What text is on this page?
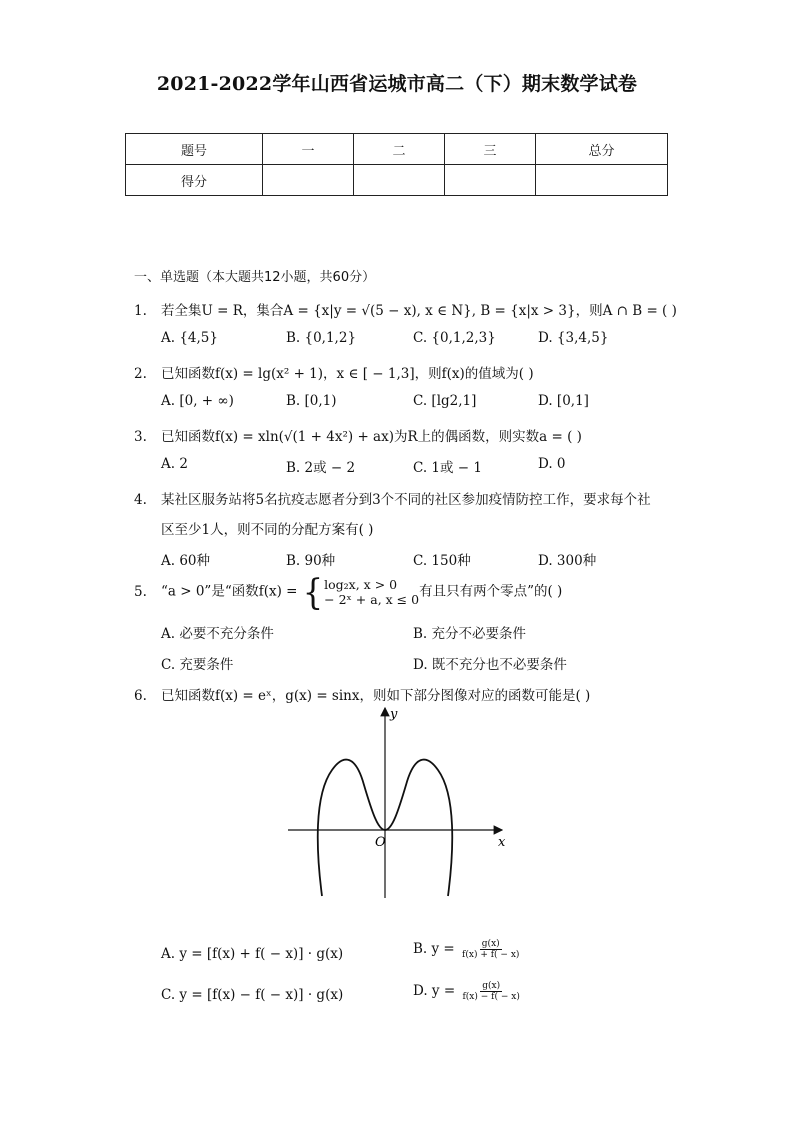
2021-2022学年山西省运城市高二（下）期末数学试卷
题号	一	二	三	总分
得分				
一、单选题（本大题共12小题，共60分）
1. 若全集U = R，集合A = {x|y = √(5 − x), x ∈ N}, B = {x|x > 3}，则A ∩ B = ( )
A. {4,5}	B. {0,1,2}	C. {0,1,2,3}	D. {3,4,5}
2. 已知函数f(x) = lg(x² + 1)，x ∈ [ − 1,3]，则f(x)的值域为( )
A. [0, + ∞)	B. [0,1)	C. [lg2,1]	D. [0,1]
3. 已知函数f(x) = xln(√(1 + 4x²) + ax)为R上的偶函数，则实数a = ( )
A. 2	B. 2或 − 2	C. 1或 − 1	D. 0
4. 某社区服务站将5名抗疫志愿者分到3个不同的社区参加疫情防控工作，要求每个社
区至少1人，则不同的分配方案有( )
A. 60种	B. 90种	C. 150种	D. 300种
5. “a > 0”是“函数f(x) = { log₂x, x > 0
− 2ˣ + a, x ≤ 0 有且只有两个零点”的( )
A. 必要不充分条件	B. 充分不必要条件
C. 充要条件	D. 既不充分也不必要条件
6. 已知函数f(x) = eˣ，g(x) = sinx，则如下部分图像对应的函数可能是( )
O	x
y
A. y = [f(x) + f( − x)] · g(x)	B. $y = \frac{g(x)}{f(x) + f( - x)}$
C. y = [f(x) − f( − x)] · g(x)	D. $y = \frac{g(x)}{f(x) - f( - x)}$
